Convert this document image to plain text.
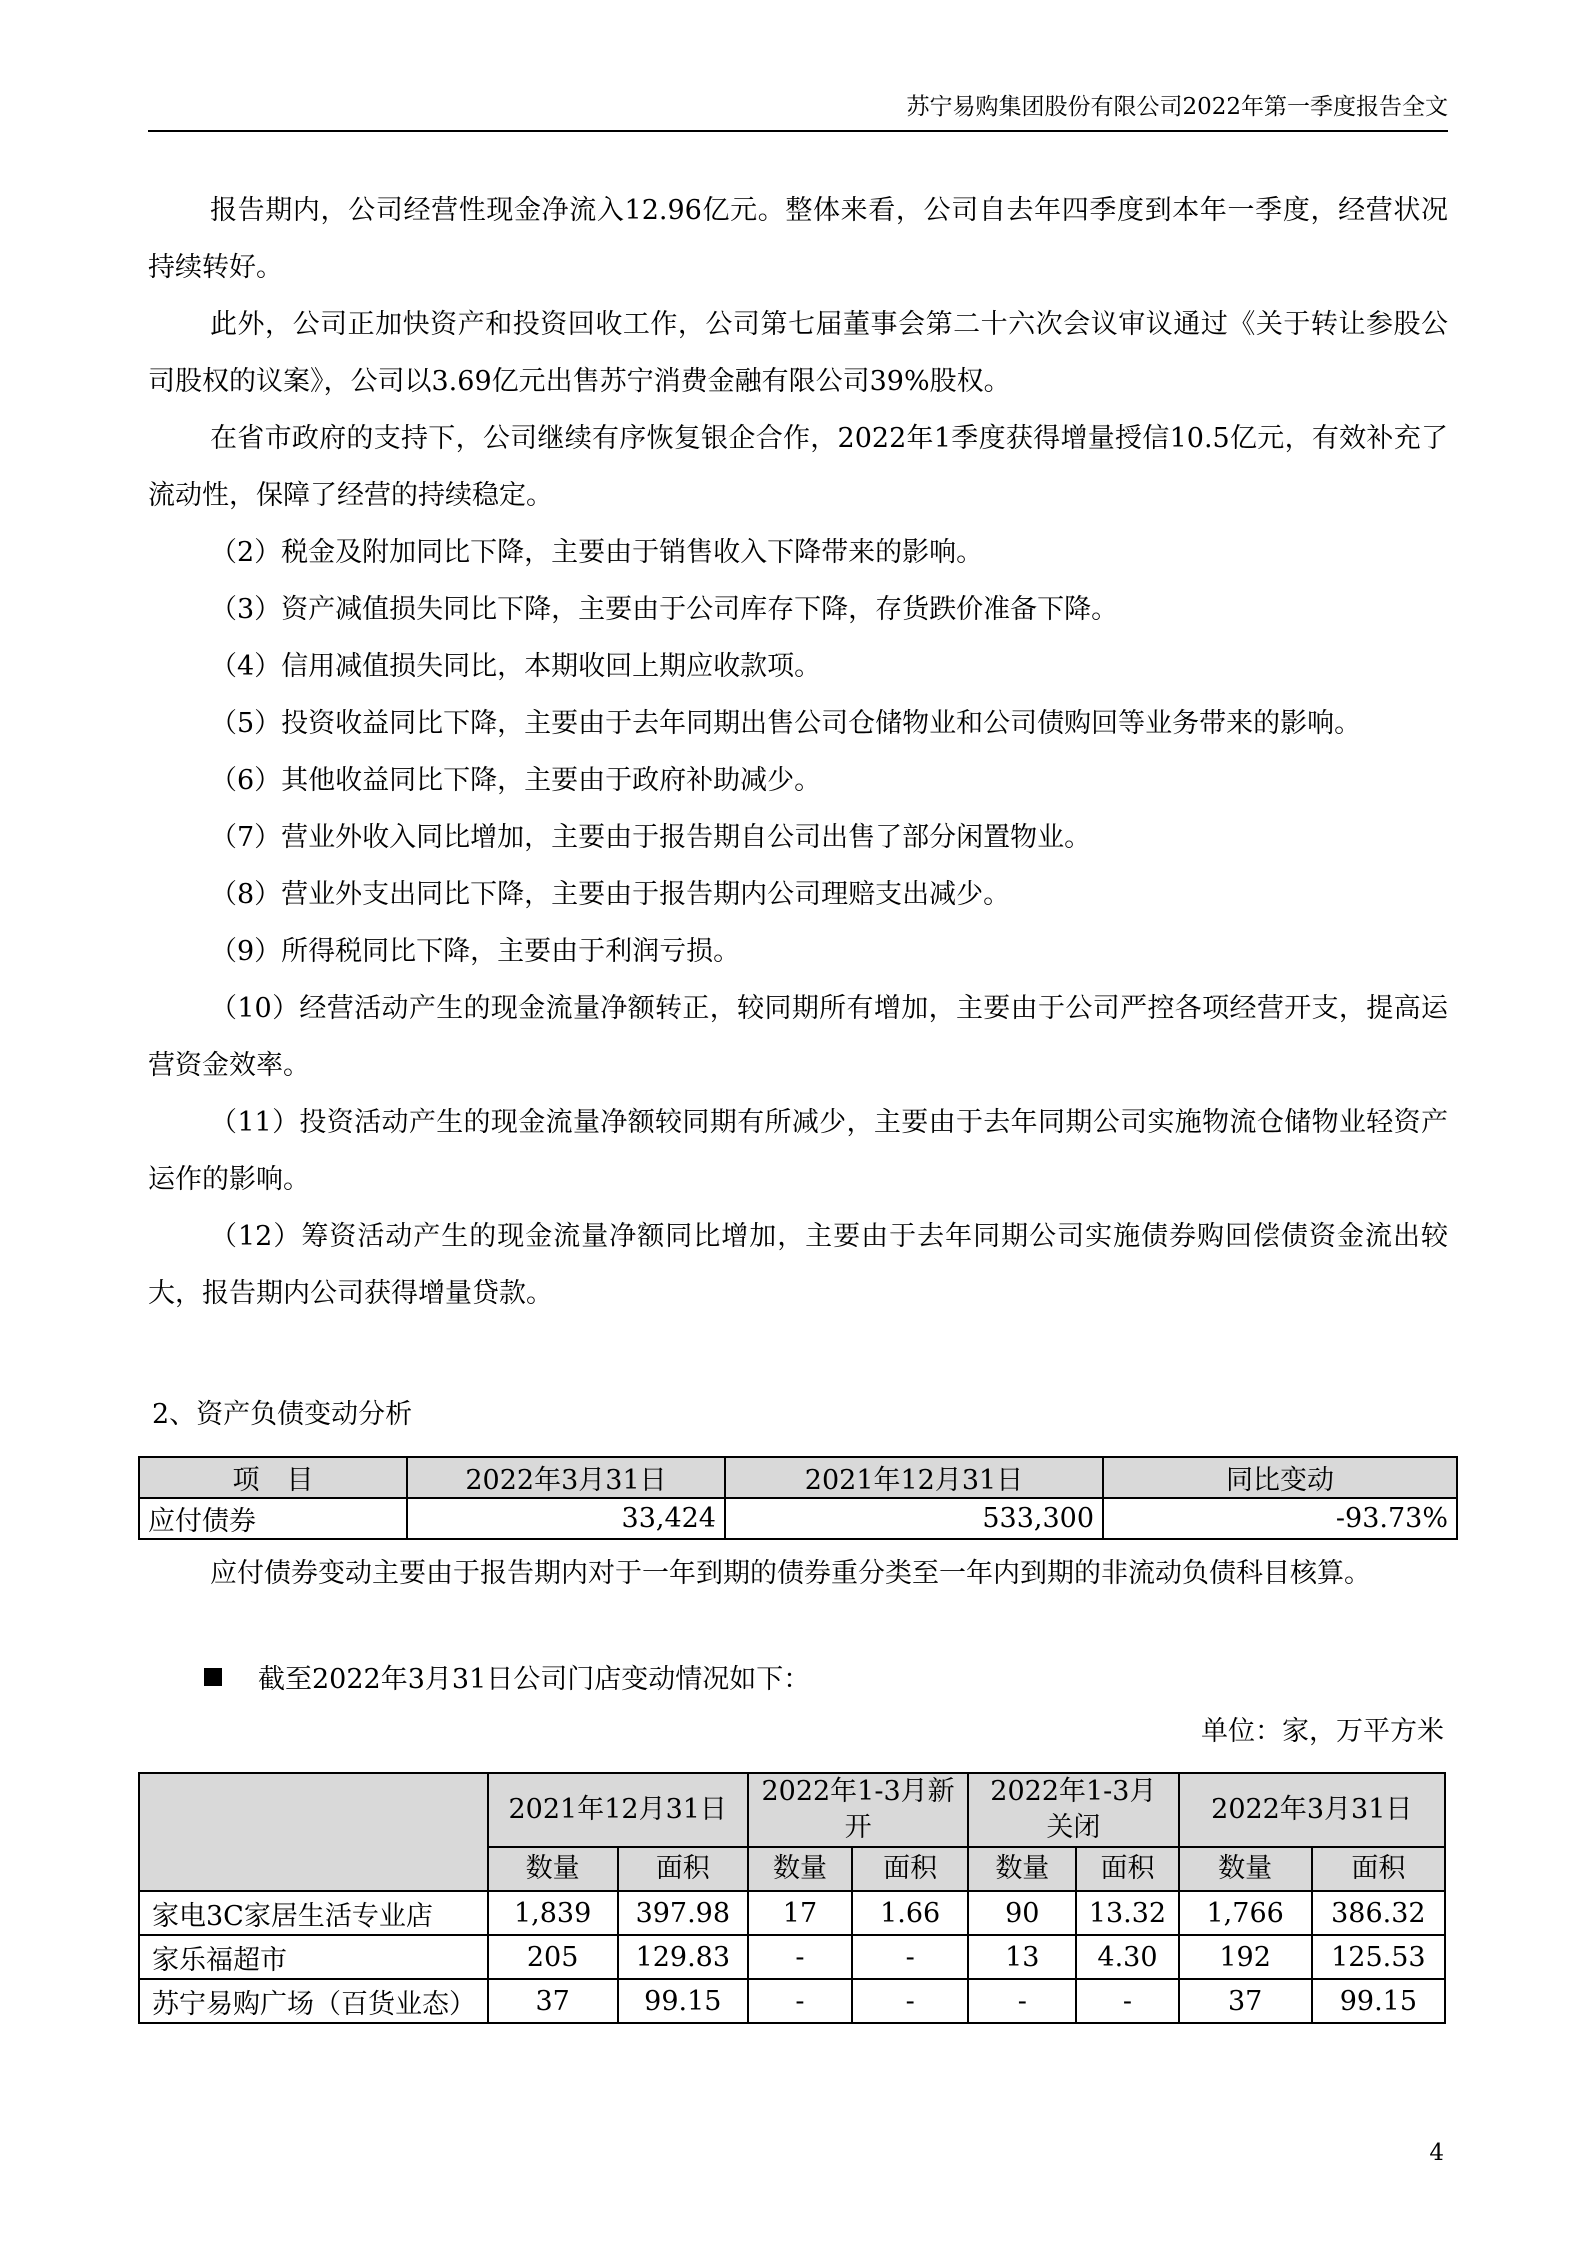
苏宁易购集团股份有限公司2022年第一季度报告全文

报告期内，公司经营性现金净流入12.96亿元。整体来看，公司自去年四季度到本年一季度，经营状况持续转好。

此外，公司正加快资产和投资回收工作，公司第七届董事会第二十六次会议审议通过《关于转让参股公司股权的议案》，公司以3.69亿元出售苏宁消费金融有限公司39%股权。

在省市政府的支持下，公司继续有序恢复银企合作，2022年1季度获得增量授信10.5亿元，有效补充了流动性，保障了经营的持续稳定。

（2）税金及附加同比下降，主要由于销售收入下降带来的影响。

（3）资产减值损失同比下降，主要由于公司库存下降，存货跌价准备下降。

（4）信用减值损失同比，本期收回上期应收款项。

（5）投资收益同比下降，主要由于去年同期出售公司仓储物业和公司债购回等业务带来的影响。

（6）其他收益同比下降，主要由于政府补助减少。

（7）营业外收入同比增加，主要由于报告期自公司出售了部分闲置物业。

（8）营业外支出同比下降，主要由于报告期内公司理赔支出减少。

（9）所得税同比下降，主要由于利润亏损。

（10）经营活动产生的现金流量净额转正，较同期所有增加，主要由于公司严控各项经营开支，提高运营资金效率。

（11）投资活动产生的现金流量净额较同期有所减少，主要由于去年同期公司实施物流仓储物业轻资产运作的影响。

（12）筹资活动产生的现金流量净额同比增加，主要由于去年同期公司实施债券购回偿债资金流出较大，报告期内公司获得增量贷款。

2、资产负债变动分析
项　目	2022年3月31日	2021年12月31日	同比变动
应付债券	33,424	533,300	-93.73%

应付债券变动主要由于报告期内对于一年到期的债券重分类至一年内到期的非流动负债科目核算。

截至2022年3月31日公司门店变动情况如下：
单位：家，万平方米
	2021年12月31日		2022年1-3月新开		2022年1-3月关闭		2022年3月31日	
	数量	面积	数量	面积	数量	面积	数量	面积
家电3C家居生活专业店	1,839	397.98	17	1.66	90	13.32	1,766	386.32
家乐福超市	205	129.83	-	-	13	4.30	192	125.53
苏宁易购广场（百货业态）	37	99.15	-	-	-	-	37	99.15
4
